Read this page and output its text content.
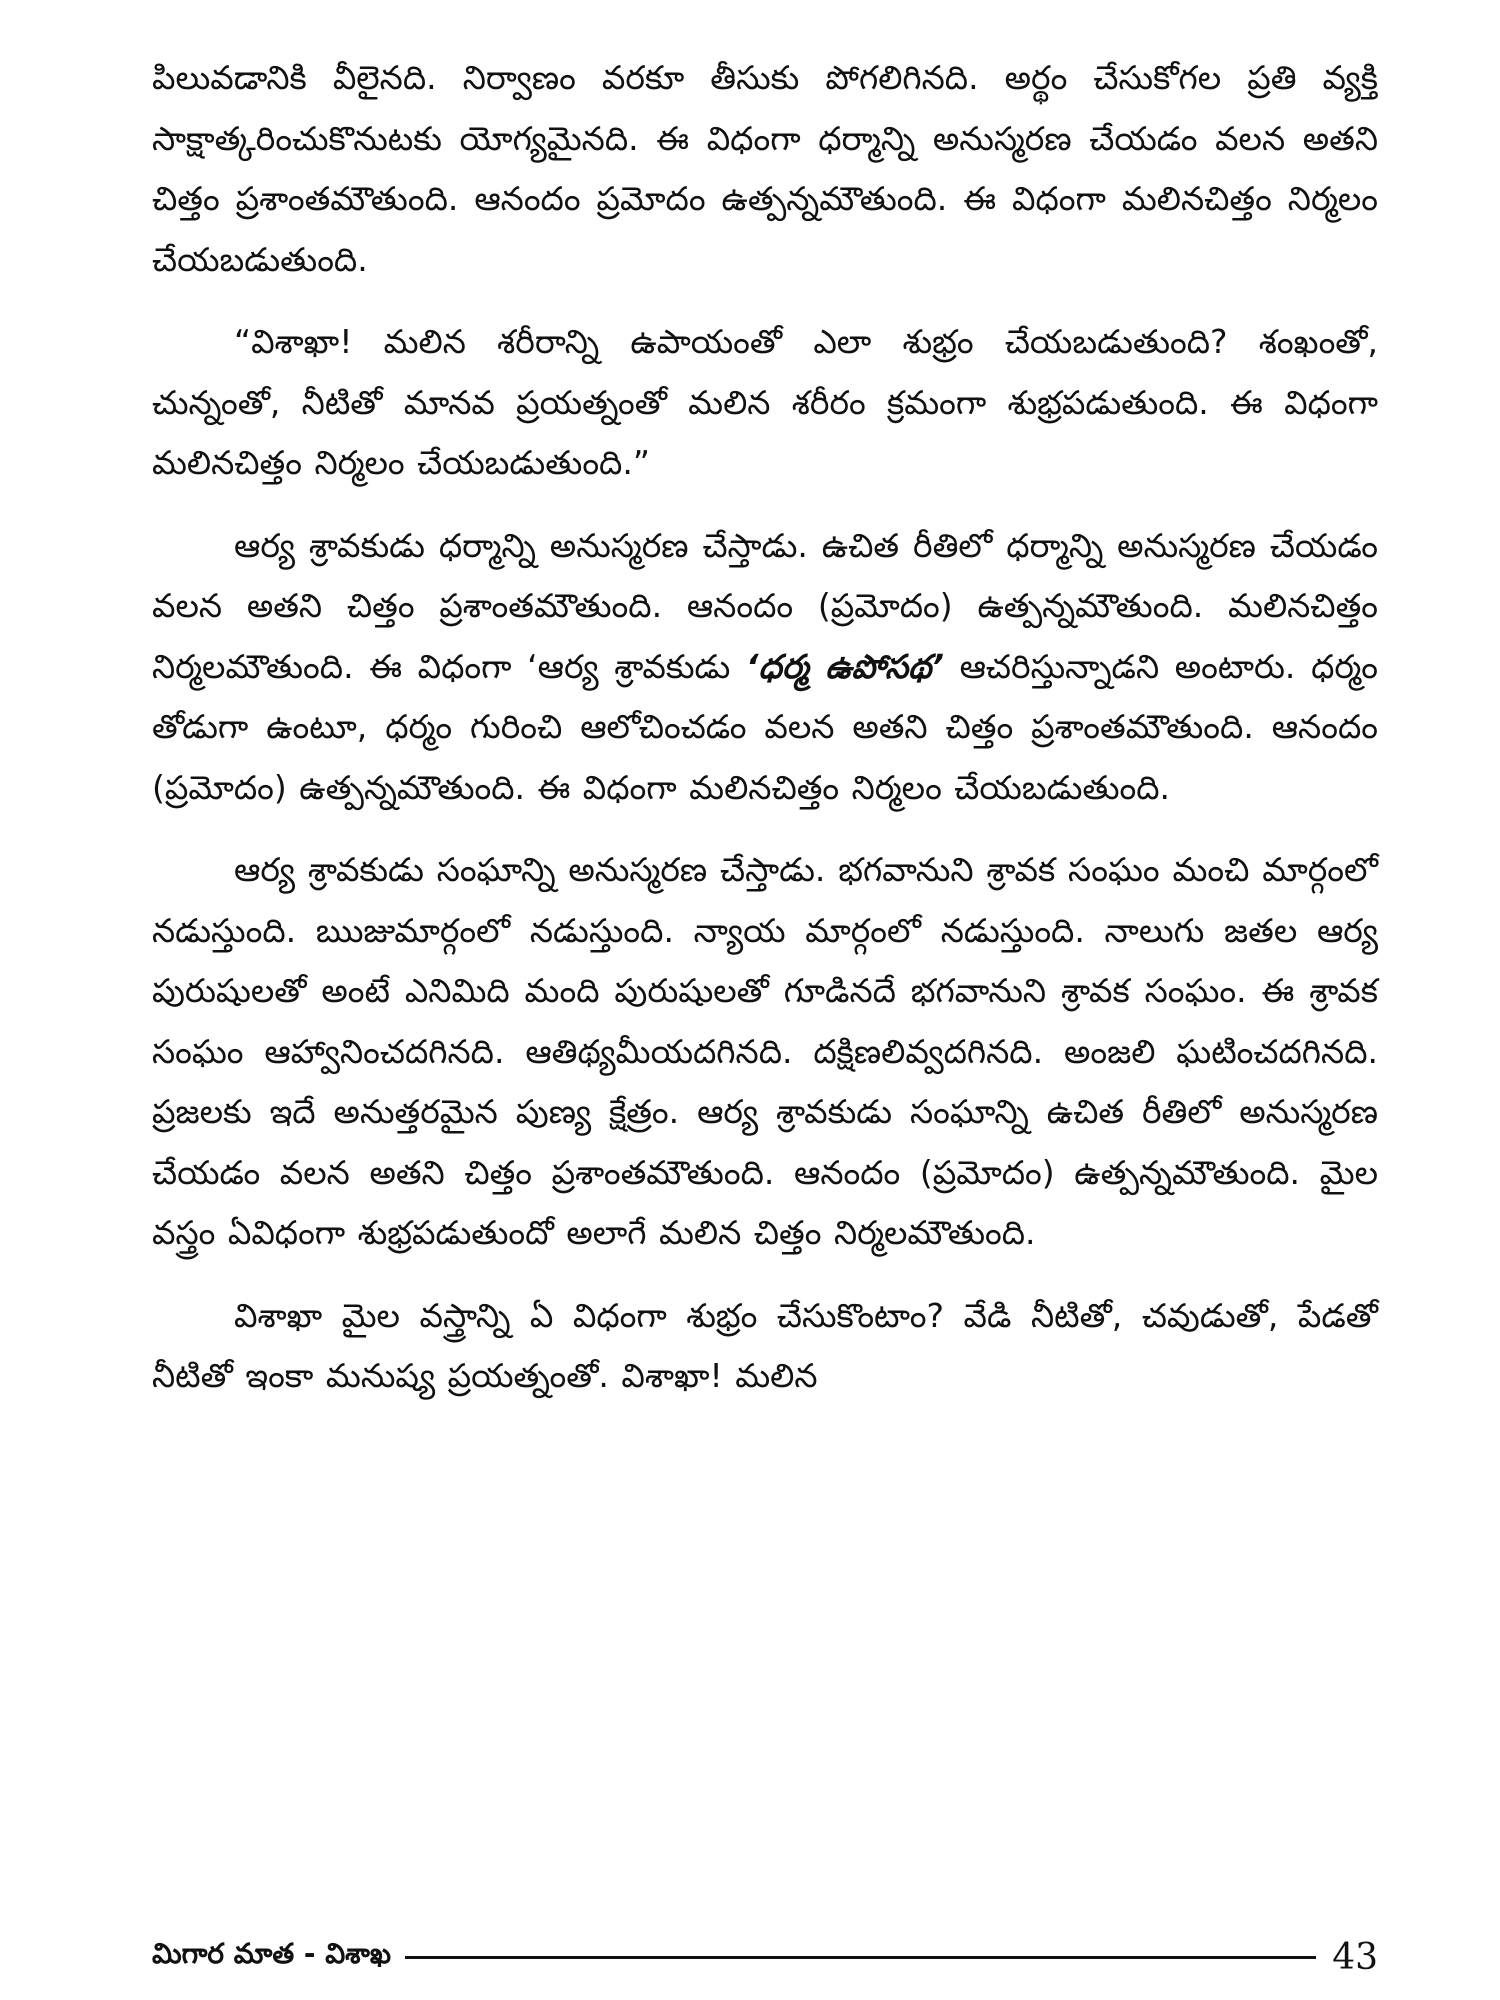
పిలువడానికి వీలైనది. నిర్వాణం వరకూ తీసుకు పోగలిగినది. అర్థం చేసుకోగల ప్రతి వ్యక్తి సాక్షాత్కరించుకొనుటకు యోగ్యమైనది. ఈ విధంగా ధర్మాన్ని అనుస్మరణ చేయడం వలన అతని చిత్తం ప్రశాంతమౌతుంది. ఆనందం ప్రమోదం ఉత్పన్నమౌతుంది. ఈ విధంగా మలినచిత్తం నిర్మలం చేయబడుతుంది.

“విశాఖా! మలిన శరీరాన్ని ఉపాయంతో ఎలా శుభ్రం చేయబడుతుంది? శంఖంతో, చున్నంతో, నీటితో మానవ ప్రయత్నంతో మలిన శరీరం క్రమంగా శుభ్రపడుతుంది. ఈ విధంగా మలినచిత్తం నిర్మలం చేయబడుతుంది.”

ఆర్య శ్రావకుడు ధర్మాన్ని అనుస్మరణ చేస్తాడు. ఉచిత రీతిలో ధర్మాన్ని అనుస్మరణ చేయడం వలన అతని చిత్తం ప్రశాంతమౌతుంది. ఆనందం (ప్రమోదం) ఉత్పన్నమౌతుంది. మలినచిత్తం నిర్మలమౌతుంది. ఈ విధంగా ‘ఆర్య శ్రావకుడు ‘ధర్మ ఉపోసథ’ ఆచరిస్తున్నాడని అంటారు. ధర్మం తోడుగా ఉంటూ, ధర్మం గురించి ఆలోచించడం వలన అతని చిత్తం ప్రశాంతమౌతుంది. ఆనందం (ప్రమోదం) ఉత్పన్నమౌతుంది. ఈ విధంగా మలినచిత్తం నిర్మలం చేయబడుతుంది.

ఆర్య శ్రావకుడు సంఘాన్ని అనుస్మరణ చేస్తాడు. భగవానుని శ్రావక సంఘం మంచి మార్గంలో నడుస్తుంది. ఋజుమార్గంలో నడుస్తుంది. న్యాయ మార్గంలో నడుస్తుంది. నాలుగు జతల ఆర్య పురుషులతో అంటే ఎనిమిది మంది పురుషులతో గూడినదే భగవానుని శ్రావక సంఘం. ఈ శ్రావక సంఘం ఆహ్వానించదగినది. ఆతిథ్యమీయదగినది. దక్షిణలివ్వదగినది. అంజలి ఘటించదగినది. ప్రజలకు ఇదే అనుత్తరమైన పుణ్య క్షేత్రం. ఆర్య శ్రావకుడు సంఘాన్ని ఉచిత రీతిలో అనుస్మరణ చేయడం వలన అతని చిత్తం ప్రశాంతమౌతుంది. ఆనందం (ప్రమోదం) ఉత్పన్నమౌతుంది. మైల వస్త్రం ఏవిధంగా శుభ్రపడుతుందో అలాగే మలిన చిత్తం నిర్మలమౌతుంది.

విశాఖా మైల వస్త్రాన్ని ఏ విధంగా శుభ్రం చేసుకొంటాం? వేడి నీటితో, చవుడుతో, పేడతో నీటితో ఇంకా మనుష్య ప్రయత్నంతో. విశాఖా! మలిన

మిగార మాత - విశాఖ	43
